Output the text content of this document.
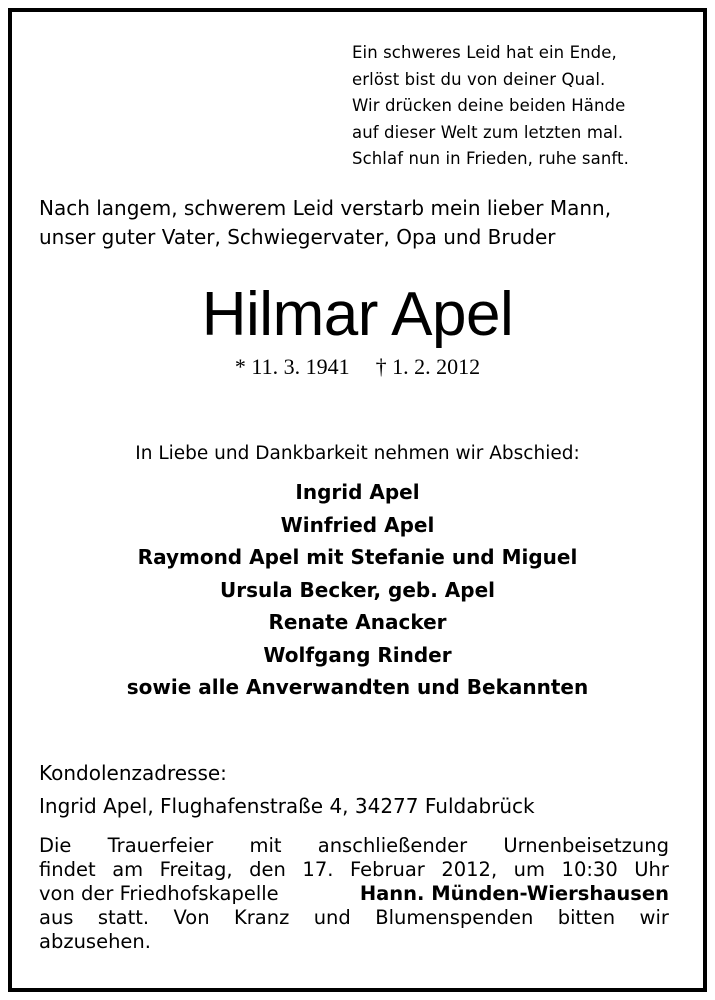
Ein schweres Leid hat ein Ende,
erlöst bist du von deiner Qual.
Wir drücken deine beiden Hände
auf dieser Welt zum letzten mal.
Schlaf nun in Frieden, ruhe sanft.
Nach langem, schwerem Leid verstarb mein lieber Mann,
unser guter Vater, Schwiegervater, Opa und Bruder
Hilmar Apel
* 11. 3. 1941 † 1. 2. 2012
In Liebe und Dankbarkeit nehmen wir Abschied:
Ingrid Apel
Winfried Apel
Raymond Apel mit Stefanie und Miguel
Ursula Becker, geb. Apel
Renate Anacker
Wolfgang Rinder
sowie alle Anverwandten und Bekannten
Kondolenzadresse:
Ingrid Apel, Flughafenstraße 4, 34277 Fuldabrück
Die Trauerfeier mit anschließender Urnenbeisetzung
findet am Freitag, den 17. Februar 2012, um 10:30 Uhr
von der Friedhofskapelle	Hann. Münden-Wiershausen
aus statt. Von Kranz und Blumenspenden bitten wir
abzusehen.
